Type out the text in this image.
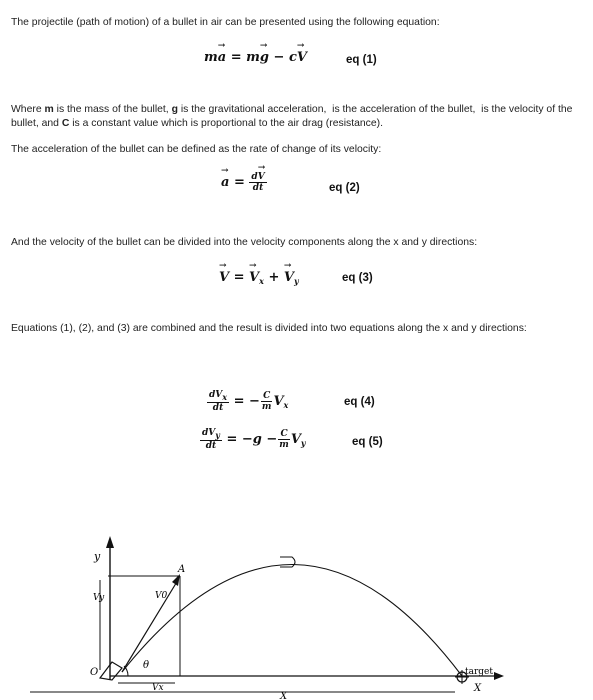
The projectile (path of motion) of a bullet in air can be presented using the following equation:

m→ a = m→ g − c→ V	eq (1)

Where m is the mass of the bullet, g is the gravitational acceleration,  is the acceleration of the bullet,  is the velocity of the bullet, and C is a constant value which is proportional to the air drag (resistance).

The acceleration of the bullet can be defined as the rate of change of its velocity:

→ $a = \frac{d\to V}{dt}$	eq (2)

And the velocity of the bullet can be divided into the velocity components along the x and y directions:

→ V = → $V_x$ + → $V_y$	eq (3)

Equations (1), (2), and (3) are combined and the result is divided into two equations along the x and y directions:

$\frac{\text{dVx}}{dt}$ = − $\frac{C}{m} V_x$	eq (4)
$\frac{\text{dVy}}{dt} = -g - \frac{C}{m} V_y$	eq (5)
y
X
Vy	V0
Vx
O
θ
A
target
X
